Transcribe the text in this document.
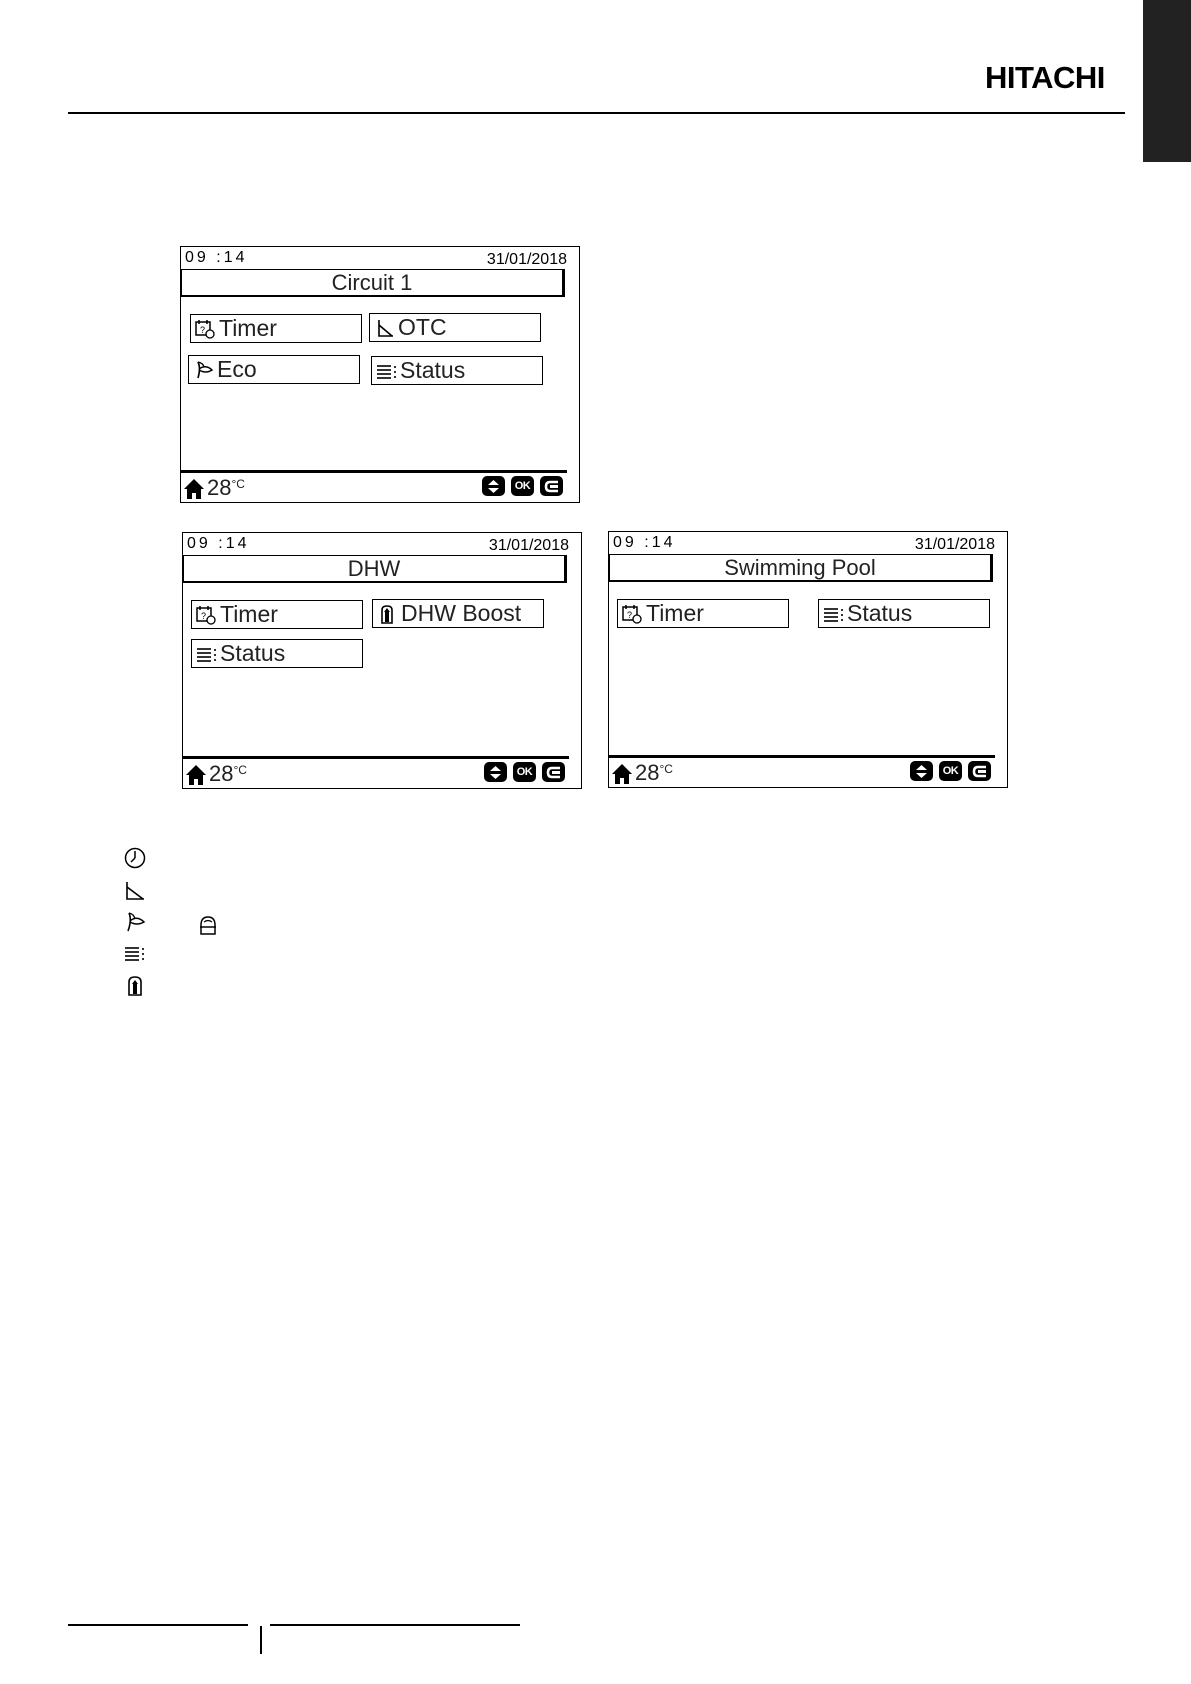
HITACHI
09 :14	31/01/2018
Circuit 1
? Timer	OTC
Eco	Status
28 °C	OK
09 :14	31/01/2018
DHW
? Timer	DHW Boost
Status
28 °C	OK
09 :14	31/01/2018
Swimming Pool
? Timer	Status
28 °C	OK
